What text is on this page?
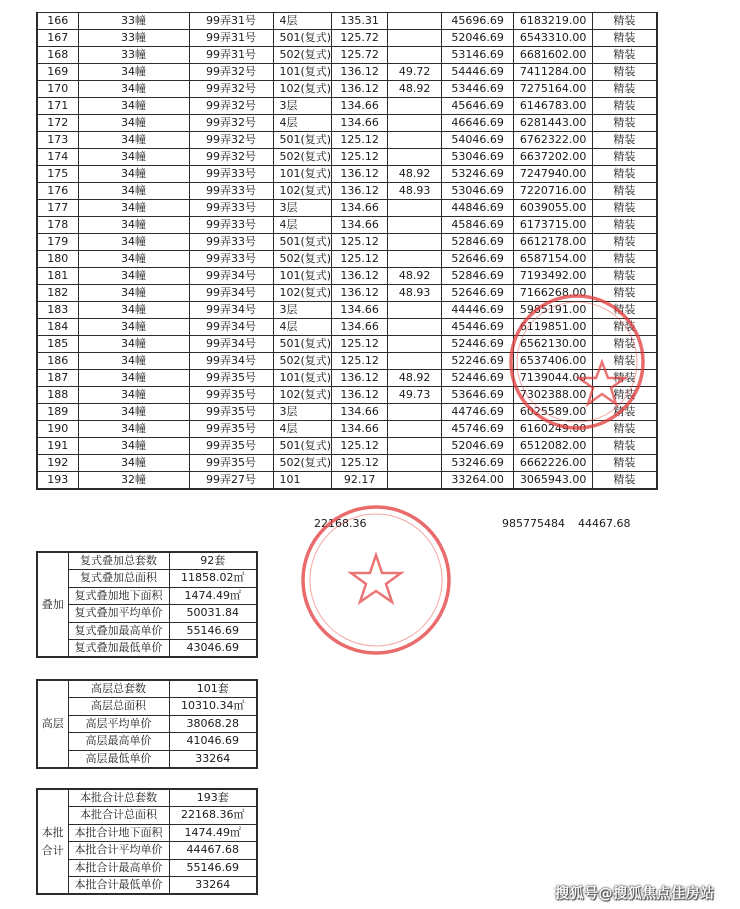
166	33幢	99弄31号	4层	135.31		45696.69	6183219.00	精装
167	33幢	99弄31号	501(复式)	125.72		52046.69	6543310.00	精装
168	33幢	99弄31号	502(复式)	125.72		53146.69	6681602.00	精装
169	34幢	99弄32号	101(复式)	136.12	49.72	54446.69	7411284.00	精装
170	34幢	99弄32号	102(复式)	136.12	48.92	53446.69	7275164.00	精装
171	34幢	99弄32号	3层	134.66		45646.69	6146783.00	精装
172	34幢	99弄32号	4层	134.66		46646.69	6281443.00	精装
173	34幢	99弄32号	501(复式)	125.12		54046.69	6762322.00	精装
174	34幢	99弄32号	502(复式)	125.12		53046.69	6637202.00	精装
175	34幢	99弄33号	101(复式)	136.12	48.92	53246.69	7247940.00	精装
176	34幢	99弄33号	102(复式)	136.12	48.93	53046.69	7220716.00	精装
177	34幢	99弄33号	3层	134.66		44846.69	6039055.00	精装
178	34幢	99弄33号	4层	134.66		45846.69	6173715.00	精装
179	34幢	99弄33号	501(复式)	125.12		52846.69	6612178.00	精装
180	34幢	99弄33号	502(复式)	125.12		52646.69	6587154.00	精装
181	34幢	99弄34号	101(复式)	136.12	48.92	52846.69	7193492.00	精装
182	34幢	99弄34号	102(复式)	136.12	48.93	52646.69	7166268.00	精装
183	34幢	99弄34号	3层	134.66		44446.69	5985191.00	精装
184	34幢	99弄34号	4层	134.66		45446.69	6119851.00	精装
185	34幢	99弄34号	501(复式)	125.12		52446.69	6562130.00	精装
186	34幢	99弄34号	502(复式)	125.12		52246.69	6537406.00	精装
187	34幢	99弄35号	101(复式)	136.12	48.92	52446.69	7139044.00	精装
188	34幢	99弄35号	102(复式)	136.12	49.73	53646.69	7302388.00	精装
189	34幢	99弄35号	3层	134.66		44746.69	6025589.00	精装
190	34幢	99弄35号	4层	134.66		45746.69	6160249.00	精装
191	34幢	99弄35号	501(复式)	125.12		52046.69	6512082.00	精装
192	34幢	99弄35号	502(复式)	125.12		53246.69	6662226.00	精装
193	32幢	99弄27号	101	92.17		33264.00	3065943.00	精装
22168.36	985775484 44467.68
叠加	复式叠加总套数	92套
	复式叠加总面积	11858.02㎡
	复式叠加地下面积	1474.49㎡
	复式叠加平均单价	50031.84
	复式叠加最高单价	55146.69
	复式叠加最低单价	43046.69
高层	高层总套数	101套
	高层总面积	10310.34㎡
	高层平均单价	38068.28
	高层最高单价	41046.69
	高层最低单价	33264
本批
合计	本批合计总套数	193套
	本批合计总面积	22168.36㎡
	本批合计地下面积	1474.49㎡
	本批合计平均单价	44467.68
	本批合计最高单价	55146.69
	本批合计最低单价	33264
搜狐号@搜狐焦点佳房站
